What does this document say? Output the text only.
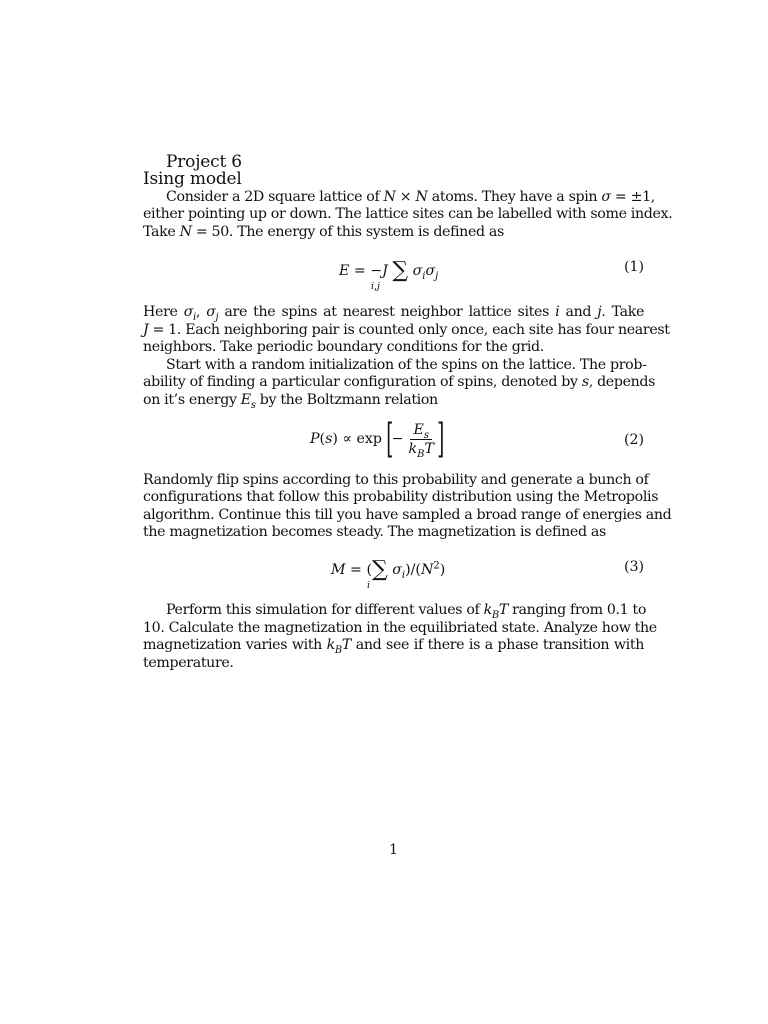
Project 6
Ising model
Consider a 2D square lattice of N × N atoms. They have a spin σ = ±1,
either pointing up or down. The lattice sites can be labelled with some index.
Take N = 50. The energy of this system is defined as
E = −J ∑ $\sigma_i\sigma_j$
i,j
(1)
Here $\sigma_i$, $\sigma_j$ are the spins at nearest neighbor lattice sites i and j. Take
J = 1. Each neighboring pair is counted only once, each site has four nearest
neighbors. Take periodic boundary conditions for the grid.
Start with a random initialization of the spins on the lattice. The prob-
ability of finding a particular configuration of spins, denoted by s, depends
on it’s energy $E_s$ by the Boltzmann relation
P(s) ∝ exp [
− $\frac{E_s}{k_BT}$ ]	(2)
Randomly flip spins according to this probability and generate a bunch of
configurations that follow this probability distribution using the Metropolis
algorithm. Continue this till you have sampled a broad range of energies and
the magnetization becomes steady. The magnetization is defined as
M = (∑ $\sigma_i)/(N^2)$
i
(3)
Perform this simulation for different values of $k_BT$ ranging from 0.1 to
10. Calculate the magnetization in the equilibriated state. Analyze how the
magnetization varies with $k_BT$ and see if there is a phase transition with
temperature.
1
